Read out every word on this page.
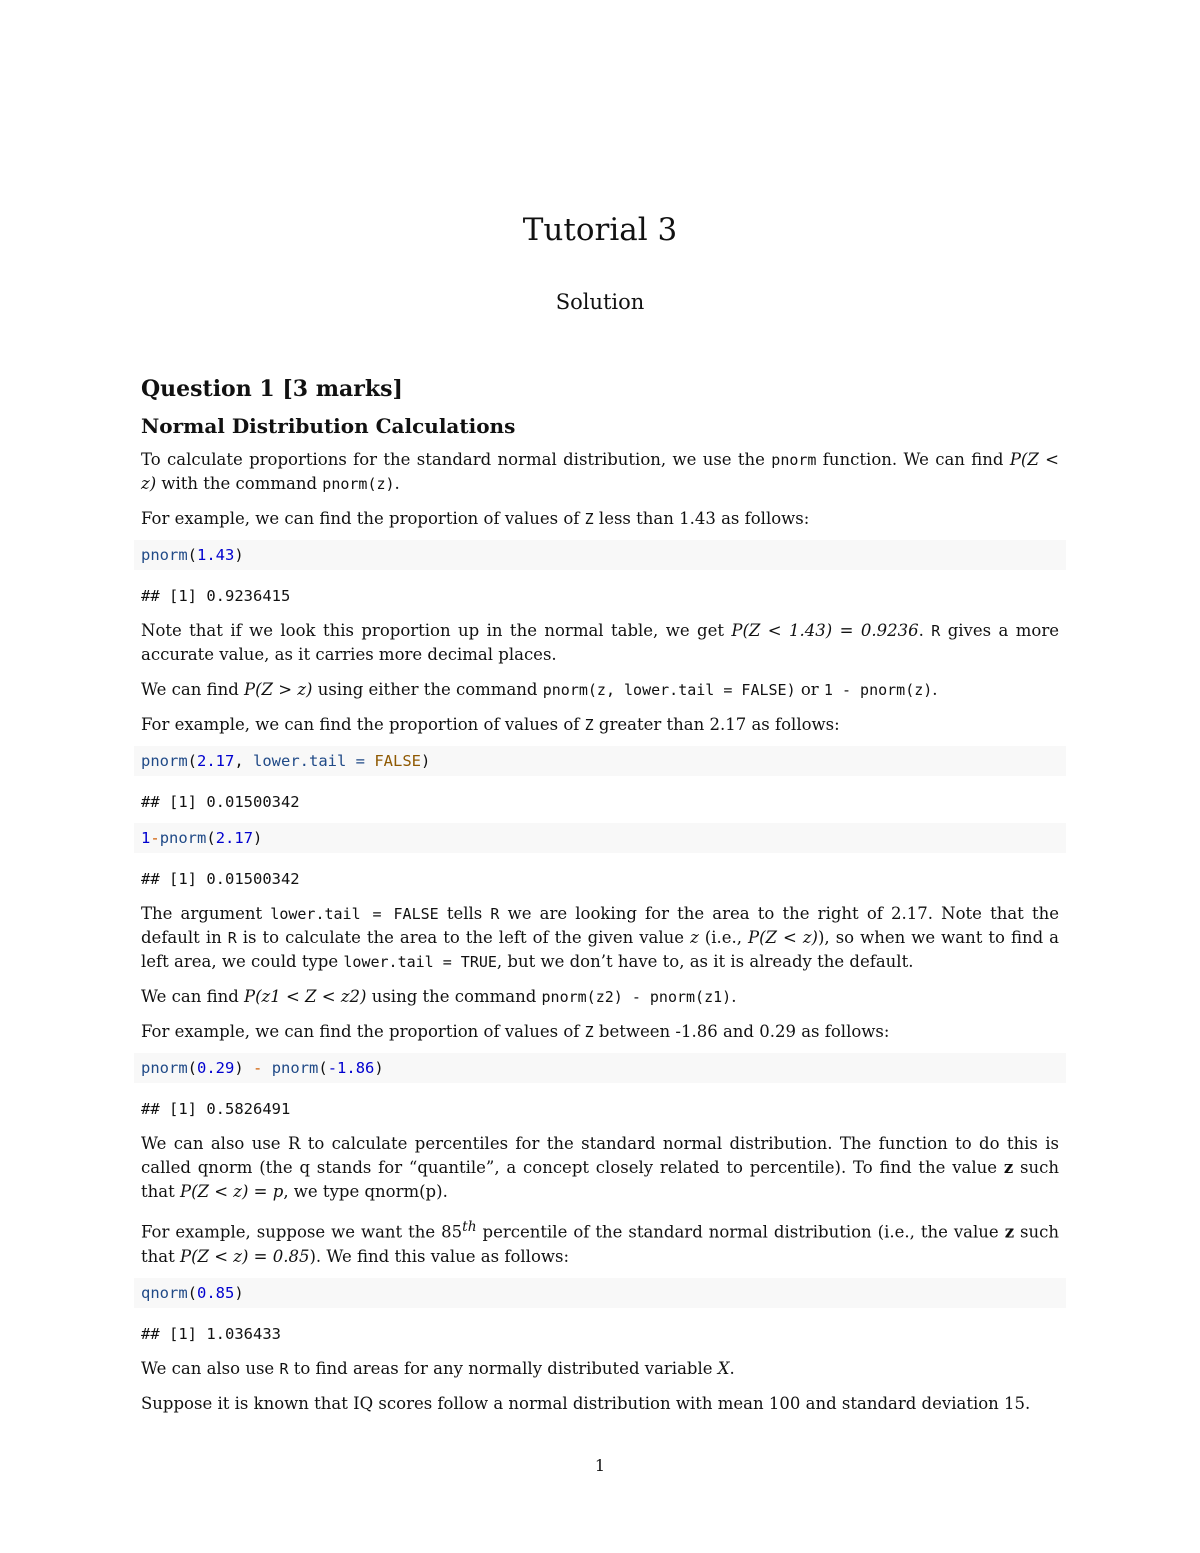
Tutorial 3
Solution
Question 1 [3 marks]
Normal Distribution Calculations

To calculate proportions for the standard normal distribution, we use the pnorm function. We can find P(Z < z) with the command pnorm(z).

For example, we can find the proportion of values of Z less than 1.43 as follows:

pnorm(1.43)
## [1] 0.9236415

Note that if we look this proportion up in the normal table, we get P(Z < 1.43) = 0.9236. R gives a more accurate value, as it carries more decimal places.

We can find P(Z > z) using either the command pnorm(z, lower.tail = FALSE) or 1 - pnorm(z).

For example, we can find the proportion of values of Z greater than 2.17 as follows:

pnorm(2.17, lower.tail = FALSE)
## [1] 0.01500342
1-pnorm(2.17)
## [1] 0.01500342

The argument lower.tail = FALSE tells R we are looking for the area to the right of 2.17. Note that the default in R is to calculate the area to the left of the given value z (i.e., P(Z < z)), so when we want to find a left area, we could type lower.tail = TRUE, but we don’t have to, as it is already the default.

We can find P(z1 < Z < z2) using the command pnorm(z2) - pnorm(z1).

For example, we can find the proportion of values of Z between -1.86 and 0.29 as follows:

pnorm(0.29) - pnorm(-1.86)
## [1] 0.5826491

We can also use R to calculate percentiles for the standard normal distribution. The function to do this is called qnorm (the q stands for “quantile”, a concept closely related to percentile). To find the value z such that P(Z < z) = p, we type qnorm(p).

For example, suppose we want the 85th percentile of the standard normal distribution (i.e., the value z such that P(Z < z) = 0.85). We find this value as follows:

qnorm(0.85)
## [1] 1.036433

We can also use R to find areas for any normally distributed variable X.

Suppose it is known that IQ scores follow a normal distribution with mean 100 and standard deviation 15.

1
